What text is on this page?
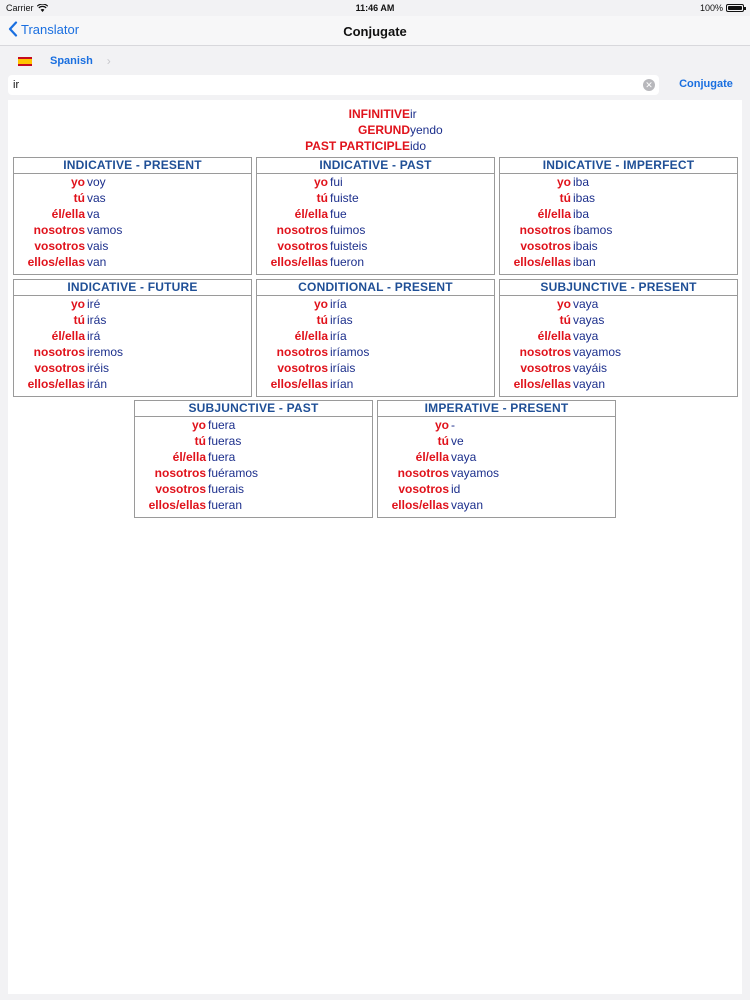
Carrier	11:46 AM	100%
Translator	Conjugate
Spanish ›
ir
✕	Conjugate
INFINITIVE ir
GERUND yendo
PAST PARTICIPLE ido
INDICATIVE - PRESENT
yo voy
tú vas
él/ella va
nosotros vamos
vosotros vais
ellos/ellas van
INDICATIVE - PAST
yo fui
tú fuiste
él/ella fue
nosotros fuimos
vosotros fuisteis
ellos/ellas fueron
INDICATIVE - IMPERFECT
yo iba
tú ibas
él/ella iba
nosotros íbamos
vosotros ibais
ellos/ellas iban
INDICATIVE - FUTURE
yo iré
tú irás
él/ella irá
nosotros iremos
vosotros iréis
ellos/ellas irán
CONDITIONAL - PRESENT
yo iría
tú irías
él/ella iría
nosotros iríamos
vosotros iríais
ellos/ellas irían
SUBJUNCTIVE - PRESENT
yo vaya
tú vayas
él/ella vaya
nosotros vayamos
vosotros vayáis
ellos/ellas vayan
SUBJUNCTIVE - PAST
yo fuera
tú fueras
él/ella fuera
nosotros fuéramos
vosotros fuerais
ellos/ellas fueran
IMPERATIVE - PRESENT
yo -
tú ve
él/ella vaya
nosotros vayamos
vosotros id
ellos/ellas vayan
